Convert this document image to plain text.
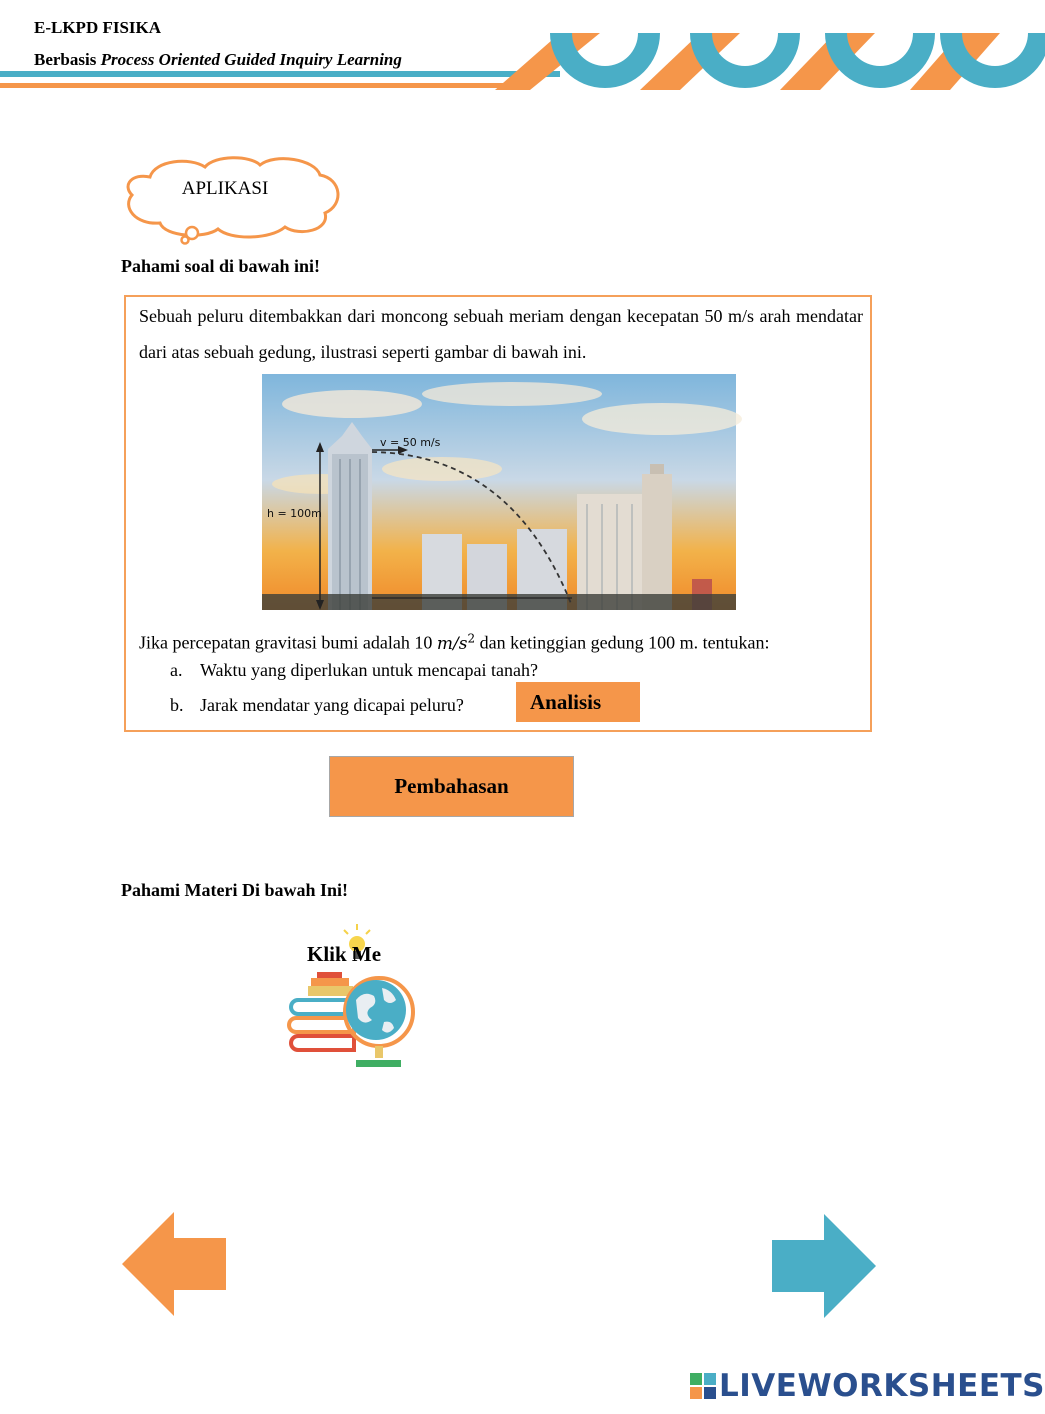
E-LKPD FISIKA
Berbasis Process Oriented Guided Inquiry Learning
APLIKASI
Pahami soal di bawah ini!
Sebuah peluru ditembakkan dari moncong sebuah meriam dengan kecepatan 50 m/s arah mendatar dari atas sebuah gedung, ilustrasi seperti gambar di bawah ini.
v = 50 m/s
h = 100m
Jika percepatan gravitasi bumi adalah 10 $m/s^2$ dan ketinggian gedung 100 m. tentukan:
a. Waktu yang diperlukan untuk mencapai tanah?
b. Jarak mendatar yang dicapai peluru?	Analisis
Pembahasan
Pahami Materi Di bawah Ini!
Klik Me
LIVEWORKSHEETS
